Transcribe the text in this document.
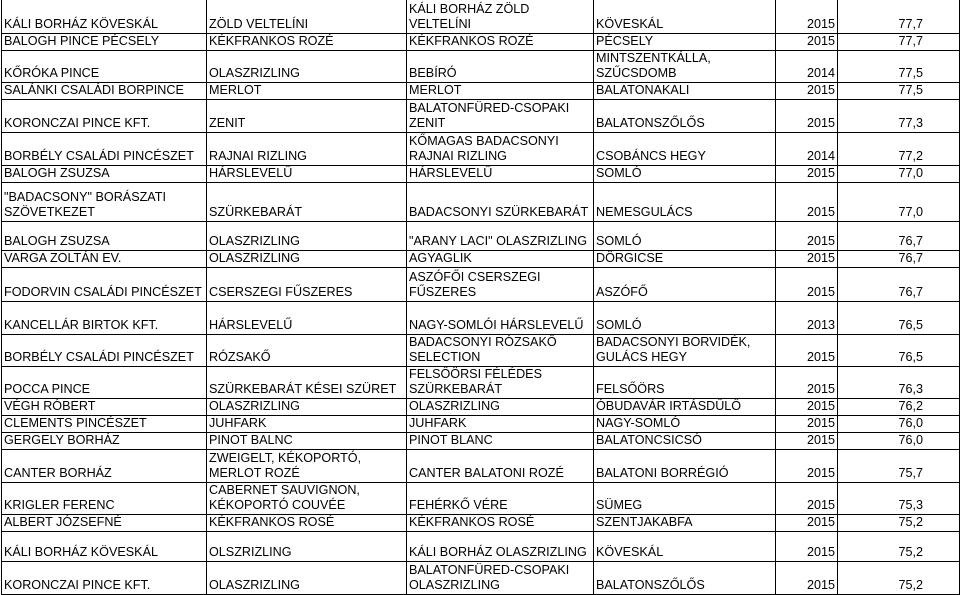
KÁLI BORHÁZ KÖVESKÁL	ZÖLD VELTELÍNI	KÁLI BORHÁZ ZÖLD VELTELÍNI	KÖVESKÁL	2015	77,7
BALOGH PINCE PÉCSELY	KÉKFRANKOS ROZÉ	KÉKFRANKOS ROZÉ	PÉCSELY	2015	77,7
KŐRÓKA PINCE	OLASZRIZLING	BEBÍRÓ	MINTSZENTKÁLLA, SZŰCSDOMB	2014	77,5
SALÁNKI CSALÁDI BORPINCE	MERLOT	MERLOT	BALATONAKALI	2015	77,5
KORONCZAI PINCE KFT.	ZENIT	BALATONFÜRED-CSOPAKI ZENIT	BALATONSZŐLŐS	2015	77,3
BORBÉLY CSALÁDI PINCÉSZET	RAJNAI RIZLING	KŐMAGAS BADACSONYI RAJNAI RIZLING	CSOBÁNCS HEGY	2014	77,2
BALOGH ZSUZSA	HÁRSLEVELŰ	HÁRSLEVELŰ	SOMLÓ	2015	77,0
"BADACSONY" BORÁSZATI SZÖVETKEZET	SZÜRKEBARÁT	BADACSONYI SZÜRKEBARÁT	NEMESGULÁCS	2015	77,0
BALOGH ZSUZSA	OLASZRIZLING	"ARANY LACI" OLASZRIZLING	SOMLÓ	2015	76,7
VARGA ZOLTÁN EV.	OLASZRIZLING	AGYAGLIK	DÖRGICSE	2015	76,7
FODORVIN CSALÁDI PINCÉSZET	CSERSZEGI FŰSZERES	ASZÓFŐI CSERSZEGI FŰSZERES	ASZÓFŐ	2015	76,7
KANCELLÁR BIRTOK KFT.	HÁRSLEVELŰ	NAGY-SOMLÓI HÁRSLEVELŰ	SOMLÓ	2013	76,5
BORBÉLY CSALÁDI PINCÉSZET	RÓZSAKŐ	BADACSONYI RÓZSAKŐ SELECTION	BADACSONYI BORVIDÉK, GULÁCS HEGY	2015	76,5
POCCA PINCE	SZÜRKEBARÁT KÉSEI SZÜRET	FELSŐÖRSI FÉLÉDES SZÜRKEBARÁT	FELSŐÖRS	2015	76,3
VÉGH RÓBERT	OLASZRIZLING	OLASZRIZLING	ÓBUDAVÁR IRTÁSDŰLŐ	2015	76,2
CLEMENTS PINCÉSZET	JUHFARK	JUHFARK	NAGY-SOMLÓ	2015	76,0
GERGELY BORHÁZ	PINOT BALNC	PINOT BLANC	BALATONCSICSÓ	2015	76,0
CANTER BORHÁZ	ZWEIGELT, KÉKOPORTÓ, MERLOT ROZÉ	CANTER BALATONI ROZÉ	BALATONI BORRÉGIÓ	2015	75,7
KRIGLER FERENC	CABERNET SAUVIGNON, KÉKOPORTÓ COUVÉE	FEHÉRKŐ VÉRE	SÜMEG	2015	75,3
ALBERT JÓZSEFNÉ	KÉKFRANKOS ROSÉ	KÉKFRANKOS ROSÉ	SZENTJAKABFA	2015	75,2
KÁLI BORHÁZ KÖVESKÁL	OLSZRIZLING	KÁLI BORHÁZ OLASZRIZLING	KÖVESKÁL	2015	75,2
KORONCZAI PINCE KFT.	OLASZRIZLING	BALATONFÜRED-CSOPAKI OLASZRIZLING	BALATONSZŐLŐS	2015	75,2
